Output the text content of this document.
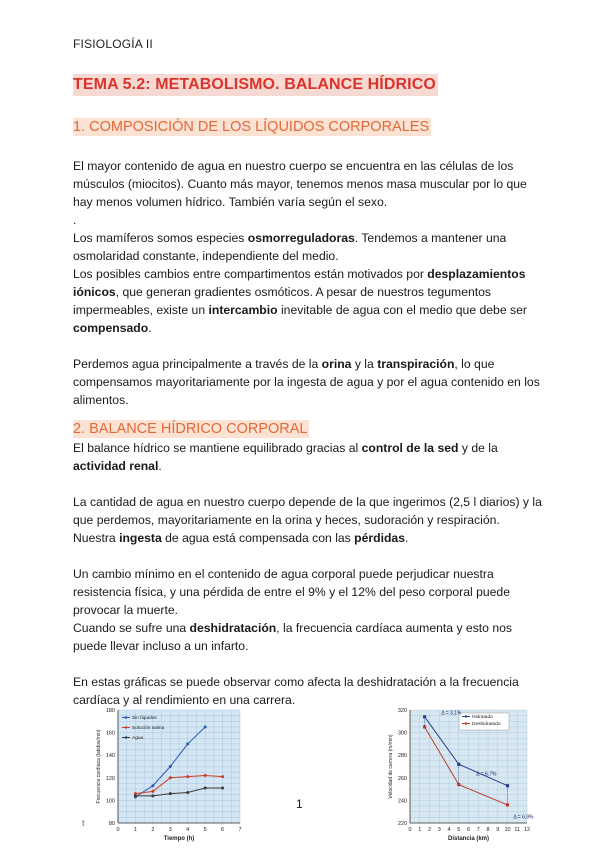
FISIOLOGÍA II
TEMA 5.2: METABOLISMO. BALANCE HÍDRICO
1. COMPOSICIÓN DE LOS LÍQUIDOS CORPORALES

El mayor contenido de agua en nuestro cuerpo se encuentra en las células de los músculos (miocitos). Cuanto más mayor, tenemos menos masa muscular por lo que hay menos volumen hídrico. También varía según el sexo.

.

Los mamíferos somos especies osmorreguladoras. Tendemos a mantener una osmolaridad constante, independiente del medio.

Los posibles cambios entre compartimentos están motivados por desplazamientos iónicos, que generan gradientes osmóticos. A pesar de nuestros tegumentos impermeables, existe un intercambio inevitable de agua con el medio que debe ser compensado.

Perdemos agua principalmente a través de la orina y la transpiración, lo que compensamos mayoritariamente por la ingesta de agua y por el agua contenido en los alimentos.

2. BALANCE HÍDRICO CORPORAL

El balance hídrico se mantiene equilibrado gracias al control de la sed y de la actividad renal.

La cantidad de agua en nuestro cuerpo depende de la que ingerimos (2,5 l diarios) y la que perdemos, mayoritariamente en la orina y heces, sudoración y respiración. Nuestra ingesta de agua está compensada con las pérdidas.

Un cambio mínimo en el contenido de agua corporal puede perjudicar nuestra resistencia física, y una pérdida de entre el 9% y el 12% del peso corporal puede provocar la muerte.

Cuando se sufre una deshidratación, la frecuencia cardíaca aumenta y esto nos puede llevar incluso a un infarto.

En estas gráficas se puede observar como afecta la deshidratación a la frecuencia cardíaca y al rendimiento en una carrera.

0	1	2	3	4	5	6	7
80
100
120
140
160
180
Sin líquidos
Solución salina
Agua
Tiempo (h)
Frecuencia cardíaca (latidos/min)
0 1 2 3 4 5 6 7 8 9 10 11 12
220
240
260
280
300
320
Hidratado
Deshidratado
Δ = 3,1%
Δ = 6,7%
Δ = 6,9%
Distancia (km)
Velocidad de carrera (m/min)
1
t
